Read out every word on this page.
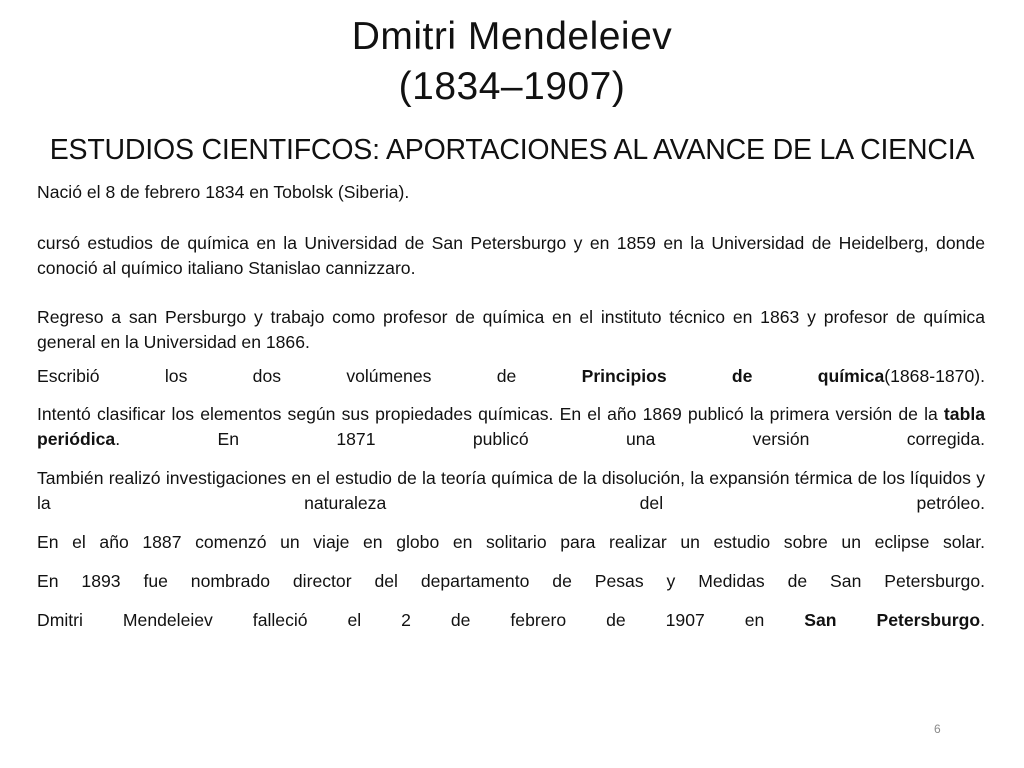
Dmitri Mendeleiev
(1834–1907)
ESTUDIOS CIENTIFCOS: APORTACIONES AL AVANCE DE LA CIENCIA

Nació el 8 de febrero 1834 en Tobolsk (Siberia).

cursó estudios de química en la Universidad de San Petersburgo y en 1859 en la Universidad de Heidelberg, donde conoció al químico italiano Stanislao cannizzaro.

Regreso a san Persburgo y trabajo como profesor de química en el instituto técnico en 1863 y profesor de química general en la Universidad en 1866.

Escribió los dos volúmenes de Principios de química(1868-1870).

Intentó clasificar los elementos según sus propiedades químicas. En el año 1869 publicó la primera versión de la tabla periódica. En 1871 publicó una versión corregida.

También realizó investigaciones en el estudio de la teoría química de la disolución, la expansión térmica de los líquidos y la naturaleza del petróleo.

En el año 1887 comenzó un viaje en globo en solitario para realizar un estudio sobre un eclipse solar.

En 1893 fue nombrado director del departamento de Pesas y Medidas de San Petersburgo.

Dmitri Mendeleiev falleció el 2 de febrero de 1907 en San Petersburgo.

6
